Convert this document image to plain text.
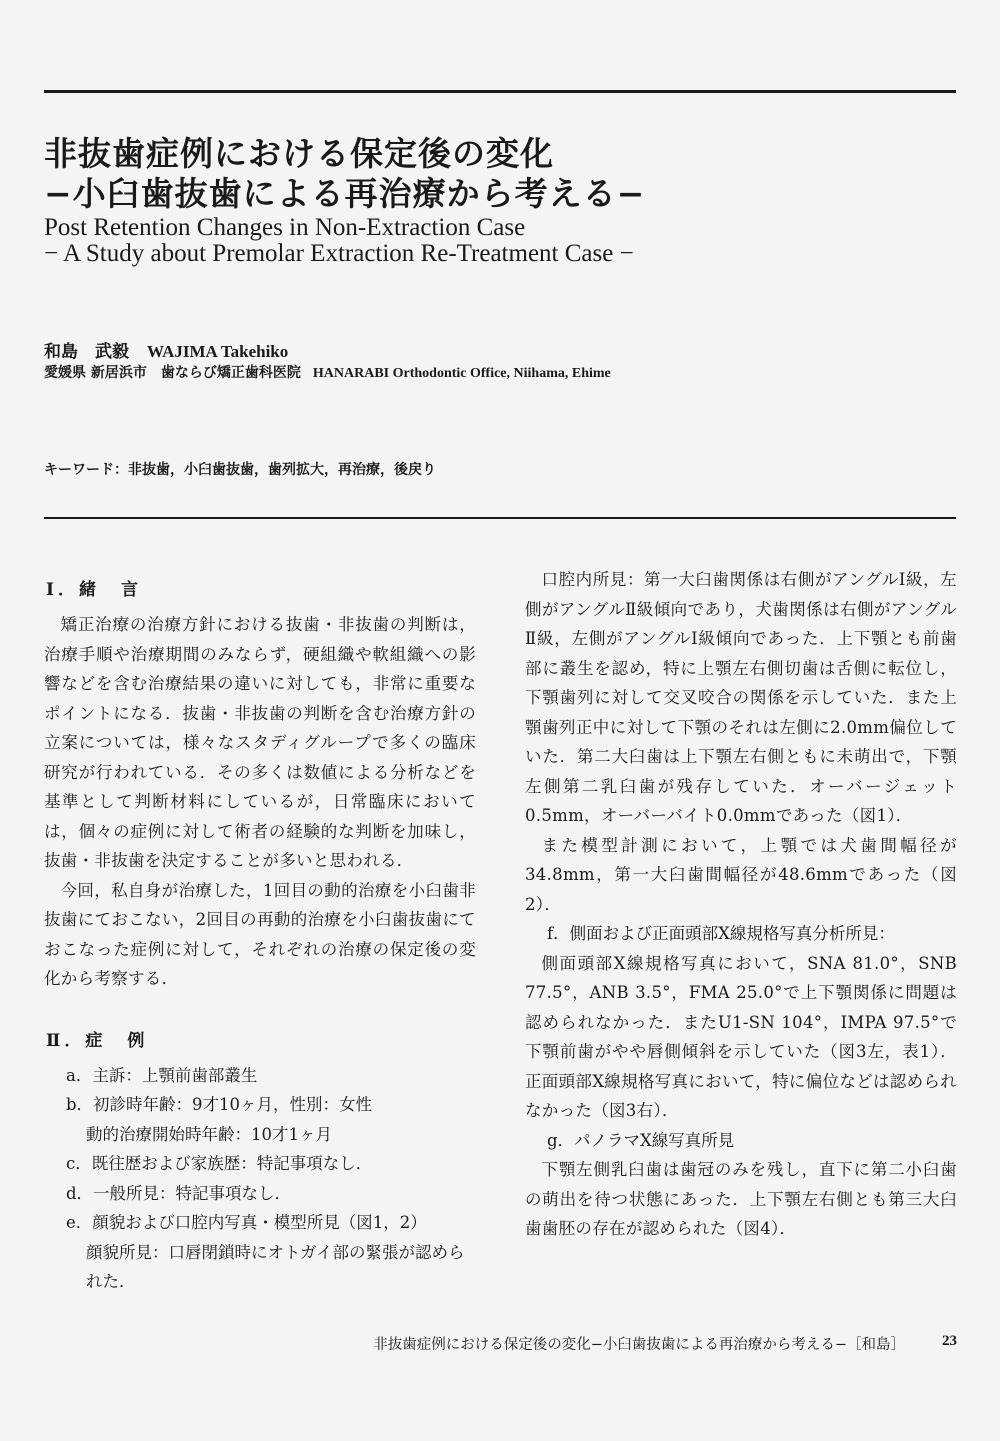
非抜歯症例における保定後の変化
−小臼歯抜歯による再治療から考える−
Post Retention Changes in Non-Extraction Case
− A Study about Premolar Extraction Re-Treatment Case −
和島　武毅 WAJIMA Takehiko
愛媛県 新居浜市　歯ならび矯正歯科医院 HANARABI Orthodontic Office, Niihama, Ehime
キーワード：非抜歯，小臼歯抜歯，歯列拡大，再治療，後戻り
Ⅰ．緒　言

矯正治療の治療方針における抜歯・非抜歯の判断は，治療手順や治療期間のみならず，硬組織や軟組織への影響などを含む治療結果の違いに対しても，非常に重要なポイントになる．抜歯・非抜歯の判断を含む治療方針の立案については，様々なスタディグループで多くの臨床研究が行われている．その多くは数値による分析などを基準として判断材料にしているが，日常臨床においては，個々の症例に対して術者の経験的な判断を加味し，抜歯・非抜歯を決定することが多いと思われる．

今回，私自身が治療した，1回目の動的治療を小臼歯非抜歯にておこない，2回目の再動的治療を小臼歯抜歯にておこなった症例に対して，それぞれの治療の保定後の変化から考察する．

Ⅱ．症　例

a．主訴：上顎前歯部叢生

b．初診時年齢：9才10ヶ月，性別：女性

動的治療開始時年齢：10才1ヶ月

c．既往歴および家族歴：特記事項なし．

d．一般所見：特記事項なし．

e．顔貌および口腔内写真・模型所見（図1，2）

顔貌所見：口唇閉鎖時にオトガイ部の緊張が認められた．

口腔内所見：第一大臼歯関係は右側がアングルⅠ級，左側がアングルⅡ級傾向であり，犬歯関係は右側がアングルⅡ級，左側がアングルⅠ級傾向であった．上下顎とも前歯部に叢生を認め，特に上顎左右側切歯は舌側に転位し，下顎歯列に対して交叉咬合の関係を示していた．また上顎歯列正中に対して下顎のそれは左側に2.0mm偏位していた．第二大臼歯は上下顎左右側ともに未萌出で，下顎左側第二乳臼歯が残存していた．オーバージェット0.5mm，オーバーバイト0.0mmであった（図1）．

また模型計測において，上顎では犬歯間幅径が34.8mm，第一大臼歯間幅径が48.6mmであった（図2）．

f．側面および正面頭部X線規格写真分析所見：

側面頭部X線規格写真において，SNA 81.0°，SNB 77.5°，ANB 3.5°，FMA 25.0°で上下顎関係に問題は認められなかった．またU1-SN 104°，IMPA 97.5°で下顎前歯がやや唇側傾斜を示していた（図3左，表1）．正面頭部X線規格写真において，特に偏位などは認められなかった（図3右）．

g．パノラマX線写真所見

下顎左側乳臼歯は歯冠のみを残し，直下に第二小臼歯の萌出を待つ状態にあった．上下顎左右側とも第三大臼歯歯胚の存在が認められた（図4）．

非抜歯症例における保定後の変化−小臼歯抜歯による再治療から考える−［和島］ 23
